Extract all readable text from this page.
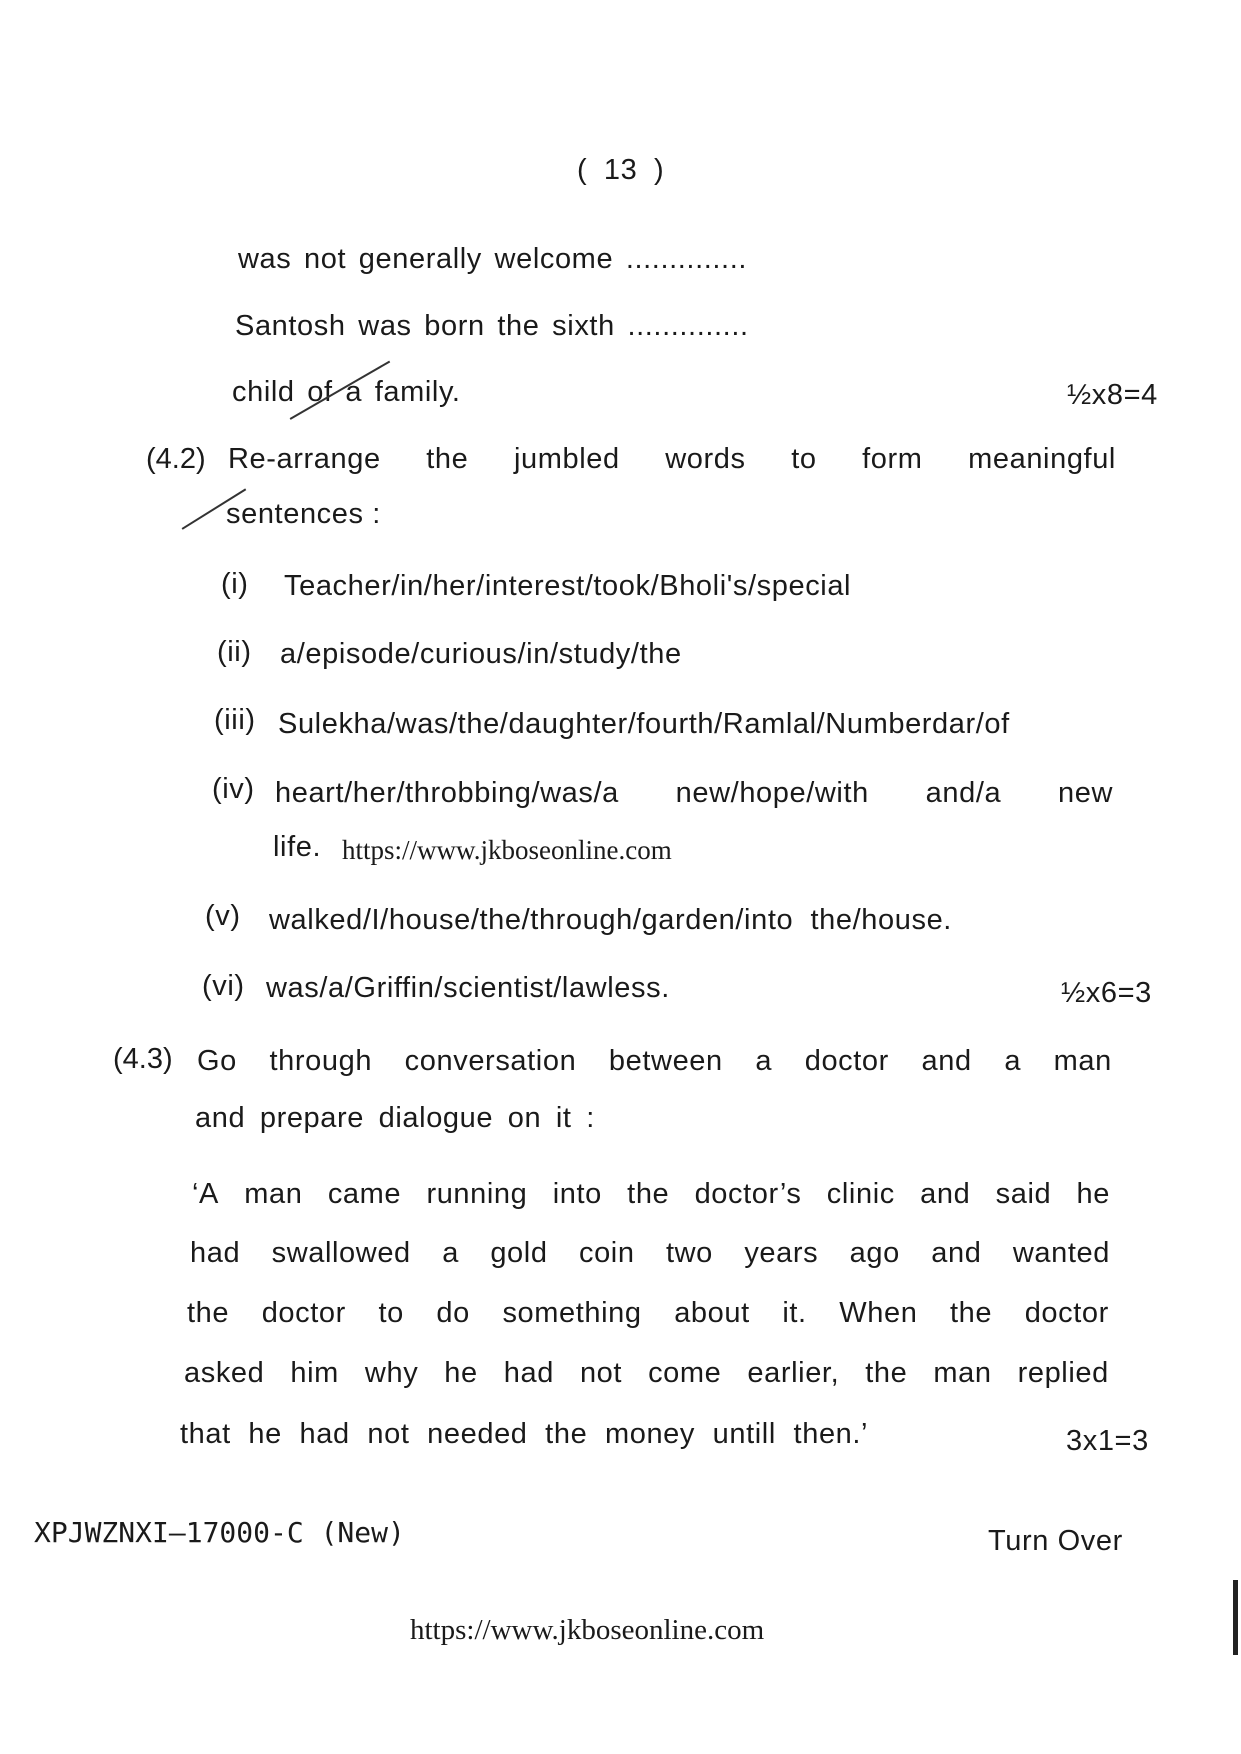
( 13 )
was not generally welcome ..............
Santosh was born the sixth ..............
child of a family.	½x8=4
(4.2) Re-arrange the jumbled words to form meaningful
sentences :
(i) Teacher/in/her/interest/took/Bholi's/special
(ii) a/episode/curious/in/study/the
(iii) Sulekha/was/the/daughter/fourth/Ramlal/Numberdar/of
(iv) heart/her/throbbing/was/a new/hope/with and/a new
life. https://www.jkboseonline.com
(v) walked/I/house/the/through/garden/into  the/house.
(vi) was/a/Griffin/scientist/lawless.	½x6=3
(4.3) Go through conversation between a doctor and a man
and prepare dialogue on it :
‘A man came running into the doctor’s clinic and said he
had swallowed a gold coin two years ago and wanted
the doctor to do something about it. When the doctor
asked him why he had not come earlier, the man replied
that he had not needed the money untill then.’	3x1=3
XPJWZNXI–17000-C (New)	Turn Over
https://www.jkboseonline.com
